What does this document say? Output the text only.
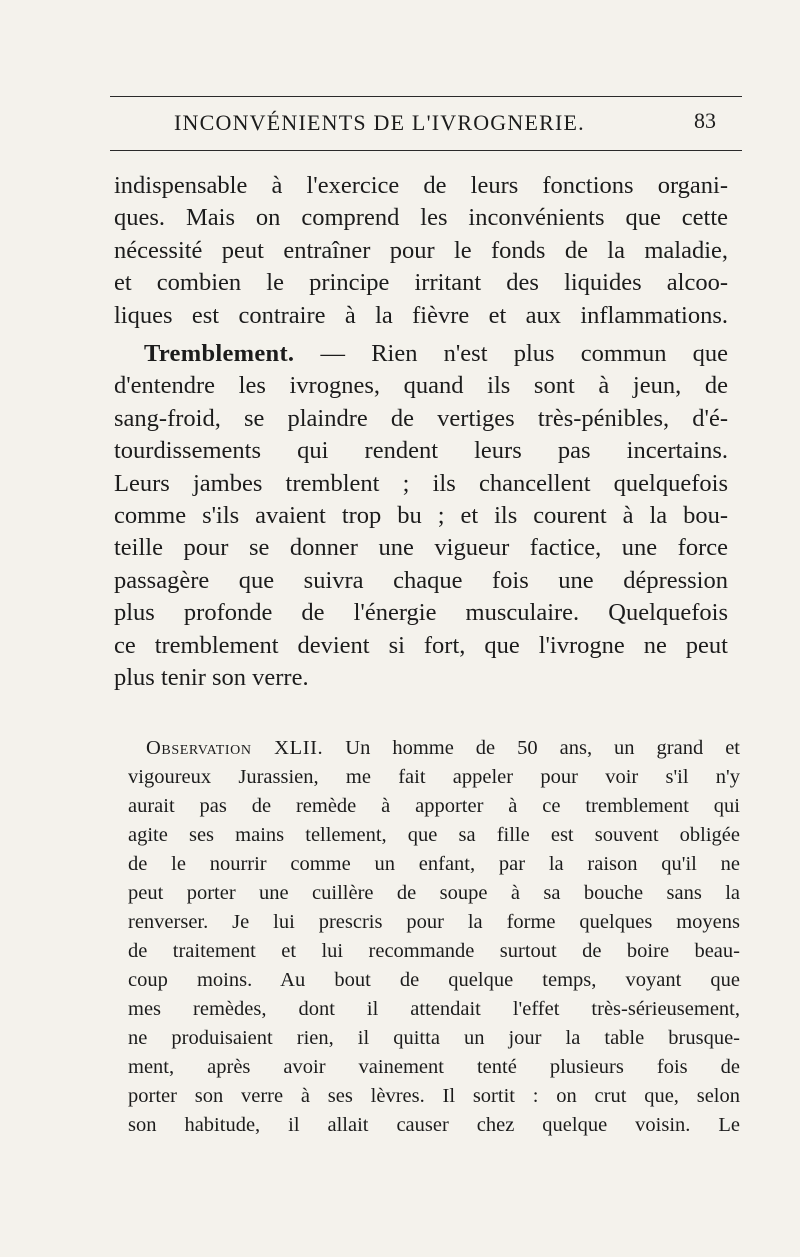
INCONVÉNIENTS DE L'IVROGNERIE.	83

indispensable à l'exercice de leurs fonctions organi-
ques. Mais on comprend les inconvénients que cette
nécessité peut entraîner pour le fonds de la maladie,
et combien le principe irritant des liquides alcoo-
liques est contraire à la fièvre et aux inflammations.

Tremblement. — Rien n'est plus commun que
d'entendre les ivrognes, quand ils sont à jeun, de
sang-froid, se plaindre de vertiges très-pénibles, d'é-
tourdissements qui rendent leurs pas incertains.
Leurs jambes tremblent ; ils chancellent quelquefois
comme s'ils avaient trop bu ; et ils courent à la bou-
teille pour se donner une vigueur factice, une force
passagère que suivra chaque fois une dépression
plus profonde de l'énergie musculaire. Quelquefois
ce tremblement devient si fort, que l'ivrogne ne peut
plus tenir son verre.

Observation XLII. Un homme de 50 ans, un grand et
vigoureux Jurassien, me fait appeler pour voir s'il n'y
aurait pas de remède à apporter à ce tremblement qui
agite ses mains tellement, que sa fille est souvent obligée
de le nourrir comme un enfant, par la raison qu'il ne
peut porter une cuillère de soupe à sa bouche sans la
renverser. Je lui prescris pour la forme quelques moyens
de traitement et lui recommande surtout de boire beau-
coup moins. Au bout de quelque temps, voyant que
mes remèdes, dont il attendait l'effet très-sérieusement,
ne produisaient rien, il quitta un jour la table brusque-
ment, après avoir vainement tenté plusieurs fois de
porter son verre à ses lèvres. Il sortit : on crut que, selon
son habitude, il allait causer chez quelque voisin. Le
